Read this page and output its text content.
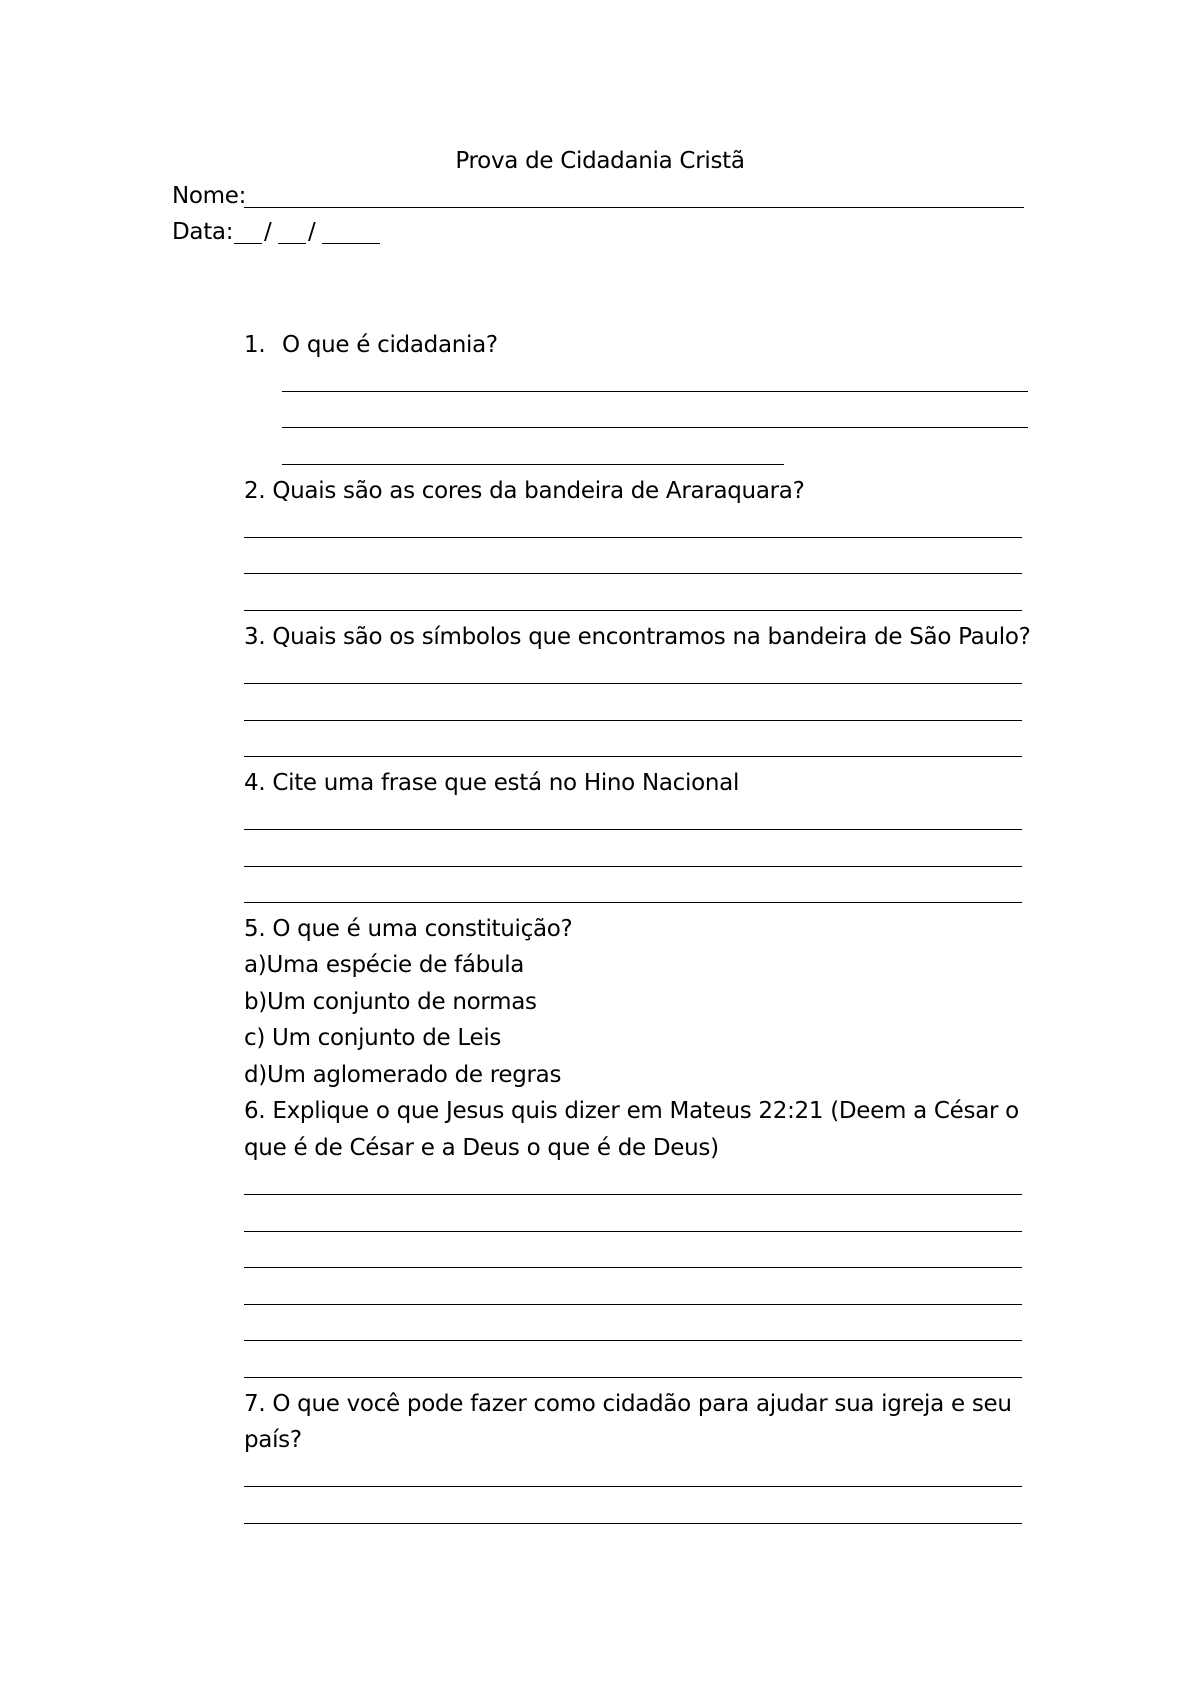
Prova de Cidadania Cristã
Nome:
Data: / /
1. O que é cidadania?
2. Quais são as cores da bandeira de Araraquara?
3. Quais são os símbolos que encontramos na bandeira de São Paulo?
4. Cite uma frase que está no Hino Nacional
5. O que é uma constituição?
a)Uma espécie de fábula
b)Um conjunto de normas
c) Um conjunto de Leis
d)Um aglomerado de regras
6. Explique o que Jesus quis dizer em Mateus 22:21 (Deem a César o
que é de César e a Deus o que é de Deus)
7. O que você pode fazer como cidadão para ajudar sua igreja e seu
país?
